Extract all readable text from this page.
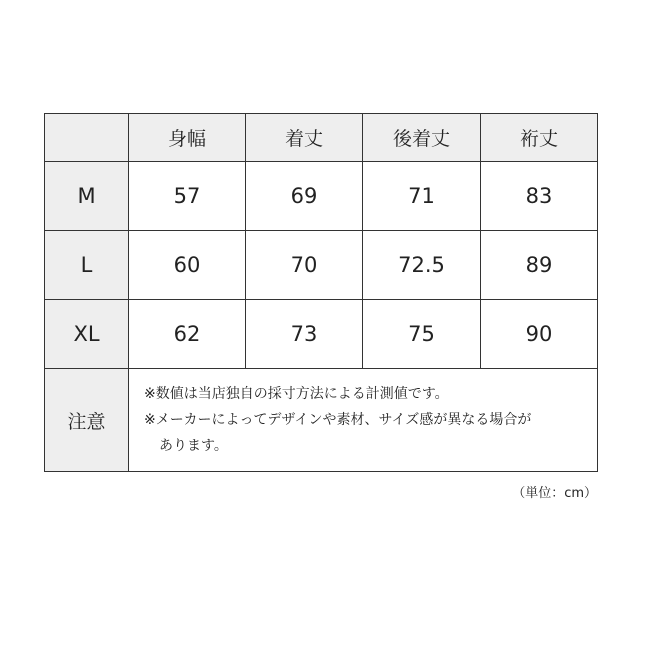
	身幅	着丈	後着丈	裄丈
M	57	69	71	83
L	60	70	72.5	89
XL	62	73	75	90
注意	※数値は当店独自の採寸方法による計測値です。
※メーカーによってデザインや素材、サイズ感が異なる場合が
あります。			
（単位：cm）
